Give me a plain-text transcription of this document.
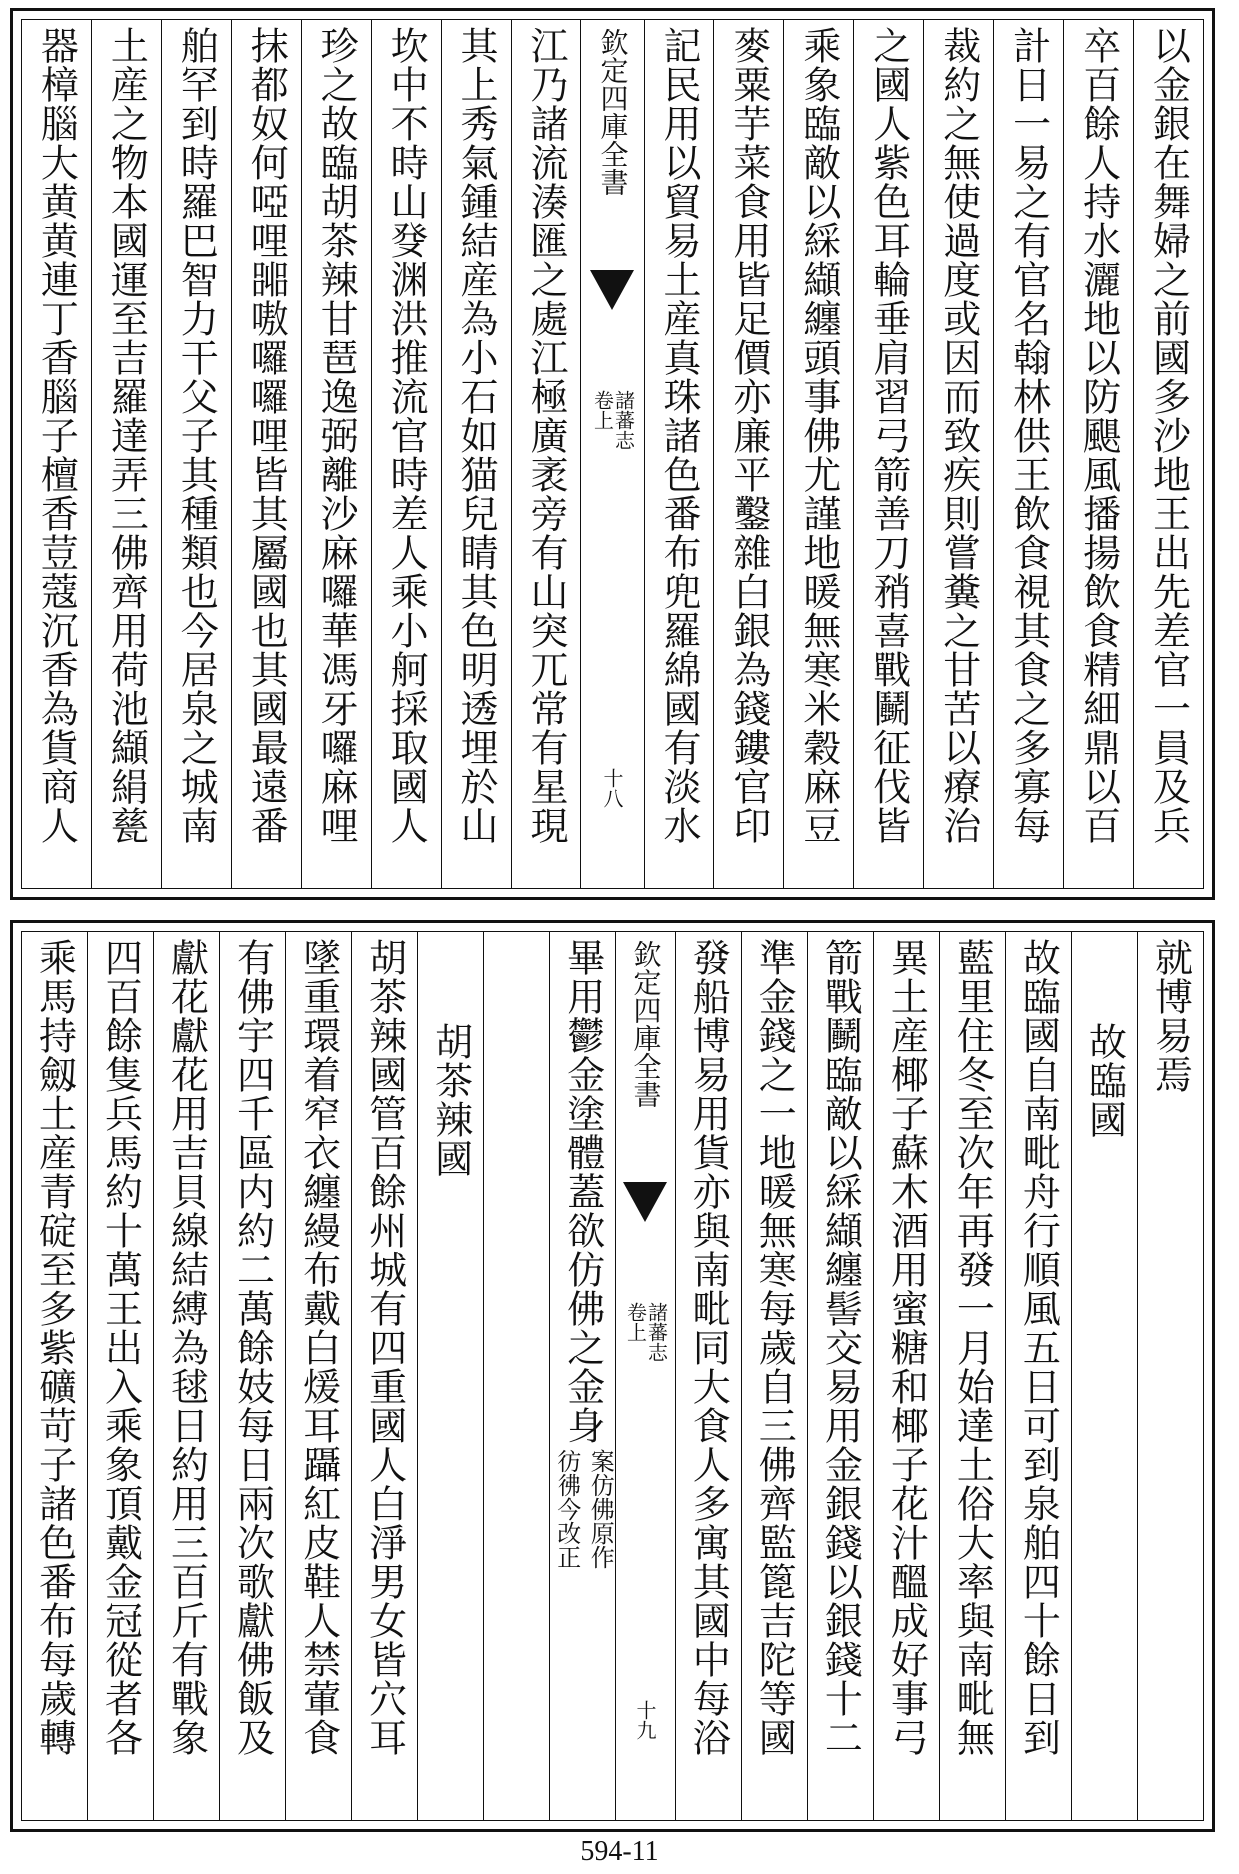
以金銀在舞婦之前國多沙地王出先差官一員及兵
卒百餘人持水灑地以防颶風播揚飲食精細鼎以百
計日一易之有官名翰林供王飲食視其食之多寡每
裁約之無使過度或因而致疾則嘗糞之甘苦以療治
之國人紫色耳輪垂肩習弓箭善刀矟喜戰鬭征伐皆
乘象臨敵以綵纈纏頭事佛尤謹地暖無寒米穀麻豆
麥粟芋菜食用皆足價亦廉平鑿雜白銀為錢鏤官印
記民用以貿易土産真珠諸色番布兜羅綿國有淡水
欽定四庫全書
諸蕃志
卷上
十八
江乃諸流湊匯之處江極廣袤旁有山突兀常有星現
其上秀氣鍾結産為小石如猫兒睛其色明透埋於山
坎中不時山癹渊洪推流官時差人乘小舸採取國人
珍之故臨胡茶辣甘琶逸弼離沙麻囉華馮牙囉麻哩
抹都奴何啞哩嘂嗷囉囉哩皆其屬國也其國最遠番
舶罕到時羅巴智力干父子其種類也今居泉之城南
土産之物本國運至吉羅達弄三佛齊用荷池纈絹甆
器樟腦大黄黄連丁香腦子檀香荳蔻沉香為貨商人
就博易焉
故臨國
故臨國自南毗舟行順風五日可到泉舶四十餘日到
藍里住冬至次年再發一月始達土俗大率與南毗無
異土産椰子蘇木酒用蜜糖和椰子花汁醞成好事弓
箭戰鬭臨敵以綵纈纏髻交易用金銀錢以銀錢十二
準金錢之一地暖無寒每歲自三佛齊監篦吉陀等國
發船博易用貨亦與南毗同大食人多寓其國中每浴
欽定四庫全書
諸蕃志
卷上
十九
畢用鬱金塗體蓋欲仿佛之金身
案仿佛原作
彷彿今改正
胡茶辣國
胡茶辣國管百餘州城有四重國人白淨男女皆穴耳
墜重環着窄衣纏縵布戴白煖耳躡紅皮鞋人禁葷食
有佛宇四千區内約二萬餘妓每日兩次歌獻佛飯及
獻花獻花用吉貝線結縛為毬日約用三百斤有戰象
四百餘隻兵馬約十萬王出入乘象頂戴金冠從者各
乘馬持劔土産青碇至多紫礦苛子諸色番布每歲轉
594-11
